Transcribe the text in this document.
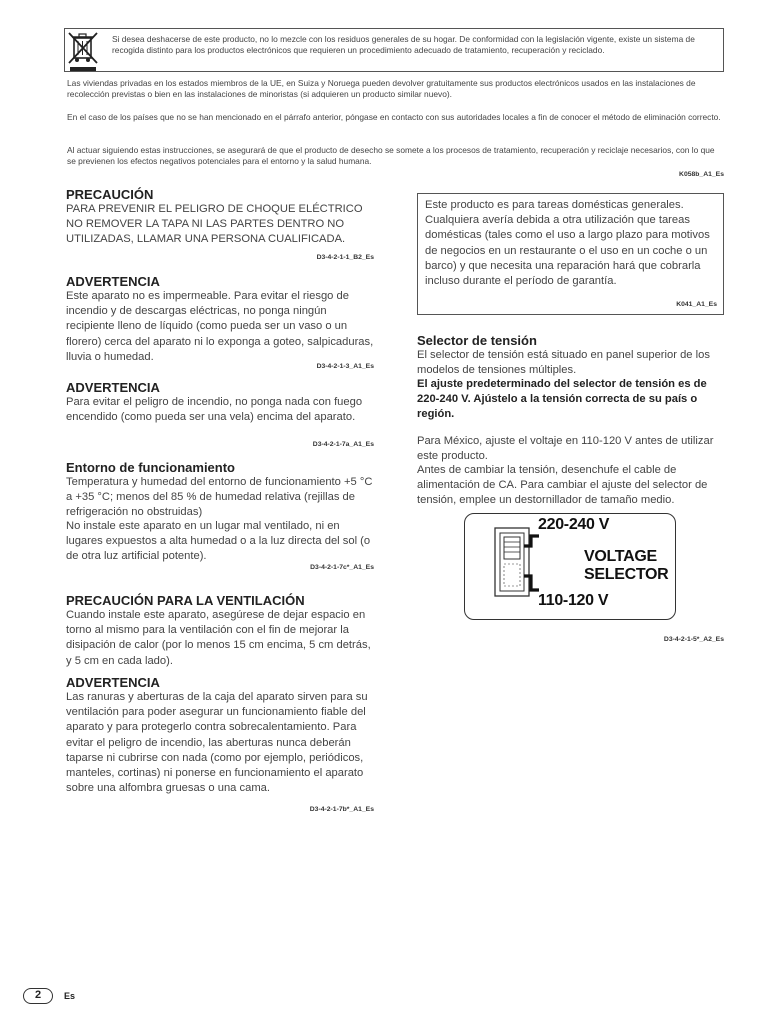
Si desea deshacerse de este producto, no lo mezcle con los residuos generales de su hogar. De conformidad con la legislación vigente, existe un sistema de recogida distinto para los productos electrónicos que requieren un procedimiento adecuado de tratamiento, recuperación y reciclado.

Las viviendas privadas en los estados miembros de la UE, en Suiza y Noruega pueden devolver gratuitamente sus productos electrónicos usados en las instalaciones de recolección previstas o bien en las instalaciones de minoristas (si adquieren un producto similar nuevo).

En el caso de los países que no se han mencionado en el párrafo anterior, póngase en contacto con sus autoridades locales a fin de conocer el método de eliminación correcto.

Al actuar siguiendo estas instrucciones, se asegurará de que el producto de desecho se somete a los procesos de tratamiento, recuperación y reciclaje necesarios, con lo que se previenen los efectos negativos potenciales para el entorno y la salud humana.

K058b_A1_Es
PRECAUCIÓN

PARA PREVENIR EL PELIGRO DE CHOQUE ELÉCTRICO NO REMOVER LA TAPA NI LAS PARTES DENTRO NO UTILIZADAS, LLAMAR UNA PERSONA CUALIFICADA.

D3-4-2-1-1_B2_Es
ADVERTENCIA

Este aparato no es impermeable. Para evitar el riesgo de incendio y de descargas eléctricas, no ponga ningún recipiente lleno de líquido (como pueda ser un vaso o un florero) cerca del aparato ni lo exponga a goteo, salpicaduras, lluvia o humedad.

D3-4-2-1-3_A1_Es
ADVERTENCIA

Para evitar el peligro de incendio, no ponga nada con fuego encendido (como pueda ser una vela) encima del aparato.

D3-4-2-1-7a_A1_Es
Entorno de funcionamiento

Temperatura y humedad del entorno de funcionamiento +5 °C a +35 °C; menos del 85 % de humedad relativa (rejillas de refrigeración no obstruidas)

No instale este aparato en un lugar mal ventilado, ni en lugares expuestos a alta humedad o a la luz directa del sol (o de otra luz artificial potente).

D3-4-2-1-7c*_A1_Es
PRECAUCIÓN PARA LA VENTILACIÓN

Cuando instale este aparato, asegúrese de dejar espacio en torno al mismo para la ventilación con el fin de mejorar la disipación de calor (por lo menos 15 cm encima, 5 cm detrás, y 5 cm en cada lado).

ADVERTENCIA

Las ranuras y aberturas de la caja del aparato sirven para su ventilación para poder asegurar un funcionamiento fiable del aparato y para protegerlo contra sobrecalentamiento. Para evitar el peligro de incendio, las aberturas nunca deberán taparse ni cubrirse con nada (como por ejemplo, periódicos, manteles, cortinas) ni ponerse en funcionamiento el aparato sobre una alfombra gruesas o una cama.

D3-4-2-1-7b*_A1_Es
Este producto es para tareas domésticas generales. Cualquiera avería debida a otra utilización que tareas domésticas (tales como el uso a largo plazo para motivos de negocios en un restaurante o el uso en un coche o un barco) y que necesita una reparación hará que cobrarla incluso durante el período de garantía.
K041_A1_Es
Selector de tensión

El selector de tensión está situado en panel superior de los modelos de tensiones múltiples.

El ajuste predeterminado del selector de tensión es de 220-240 V. Ajústelo a la tensión correcta de su país o región.

Para México, ajuste el voltaje en 110-120 V antes de utilizar este producto.

Antes de cambiar la tensión, desenchufe el cable de alimentación de CA. Para cambiar el ajuste del selector de tensión, emplee un destornillador de tamaño medio.

220-240 V
VOLTAGE
SELECTOR
110-120 V
D3-4-2-1-5*_A2_Es
2	Es
